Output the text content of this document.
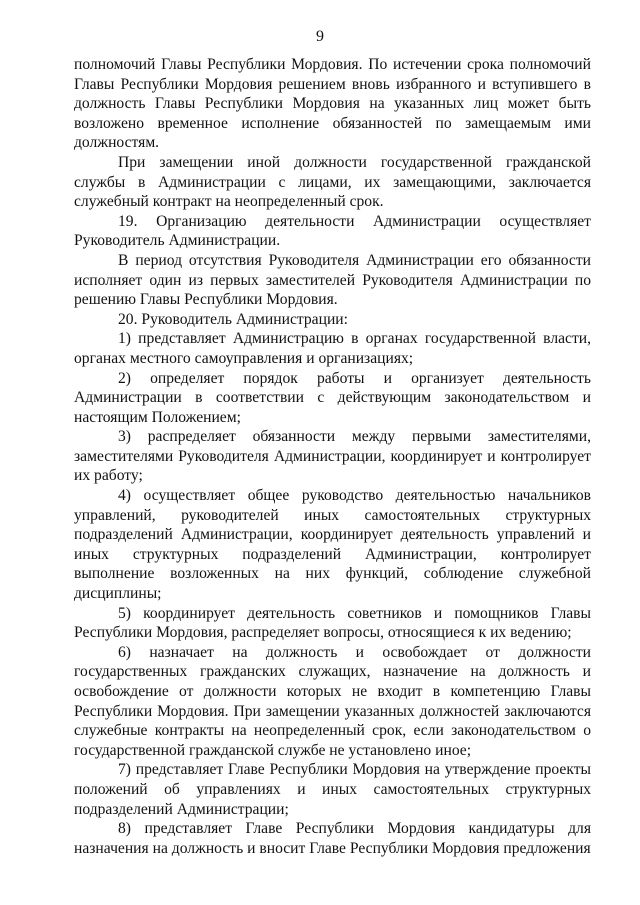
9

полномочий Главы Республики Мордовия. По истечении срока полномочий Главы Республики Мордовия решением вновь избранного и вступившего в должность Главы Республики Мордовия на указанных лиц может быть возложено временное исполнение обязанностей по замещаемым ими должностям.

При замещении иной должности государственной гражданской службы в Администрации с лицами, их замещающими, заключается служебный контракт на неопределенный срок.

19. Организацию деятельности Администрации осуществляет Руководитель Администрации.

В период отсутствия Руководителя Администрации его обязанности исполняет один из первых заместителей Руководителя Администрации по решению Главы Республики Мордовия.

20. Руководитель Администрации:

1) представляет Администрацию в органах государственной власти, органах местного самоуправления и организациях;

2) определяет порядок работы и организует деятельность Администрации в соответствии с действующим законодательством и настоящим Положением;

3) распределяет обязанности между первыми заместителями, заместителями Руководителя Администрации, координирует и контролирует их работу;

4) осуществляет общее руководство деятельностью начальников управлений, руководителей иных самостоятельных структурных подразделений Администрации, координирует деятельность управлений и иных структурных подразделений Администрации, контролирует выполнение возложенных на них функций, соблюдение служебной дисциплины;

5) координирует деятельность советников и помощников Главы Республики Мордовия, распределяет вопросы, относящиеся к их ведению;

6) назначает на должность и освобождает от должности государственных гражданских служащих, назначение на должность и освобождение от должности которых не входит в компетенцию Главы Республики Мордовия. При замещении указанных должностей заключаются служебные контракты на неопределенный срок, если законодательством о государственной гражданской службе не установлено иное;

7) представляет Главе Республики Мордовия на утверждение проекты положений об управлениях и иных самостоятельных структурных подразделений Администрации;

8) представляет Главе Республики Мордовия кандидатуры для назначения на должность и вносит Главе Республики Мордовия предложения
